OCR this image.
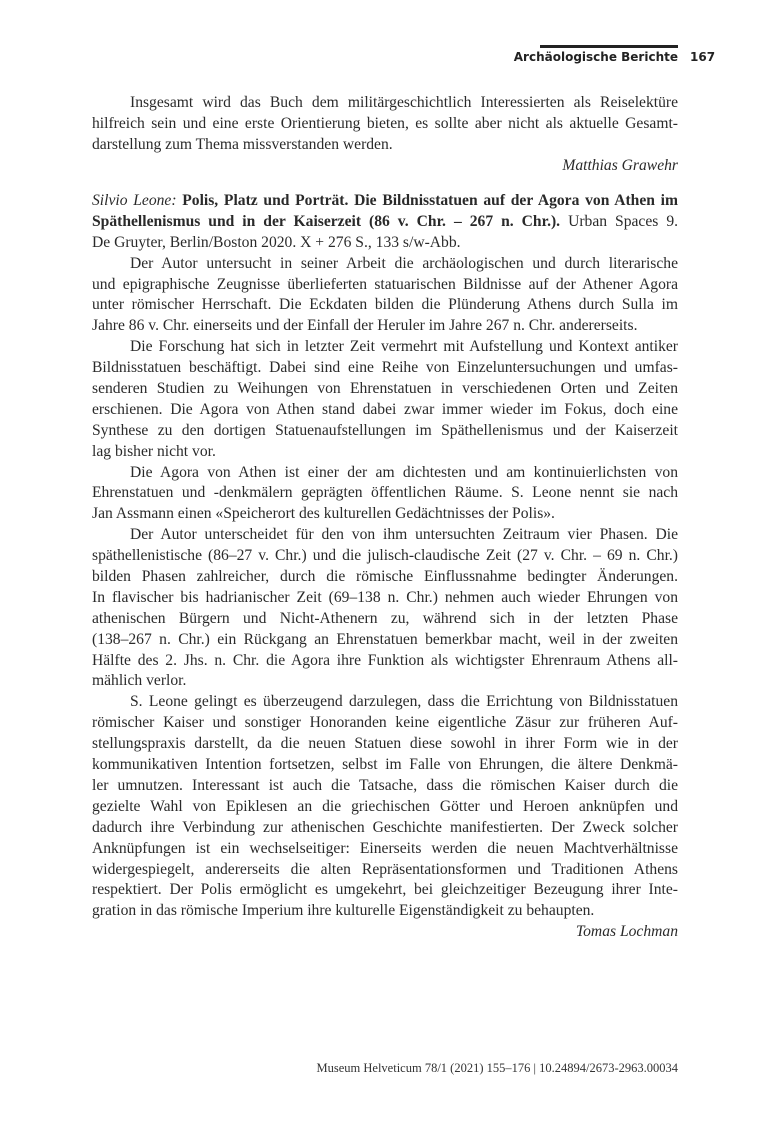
Archäologische Berichte 167
Insgesamt wird das Buch dem militärgeschichtlich Interessierten als Reiselektüre
hilfreich sein und eine erste Orientierung bieten, es sollte aber nicht als aktuelle Gesamt-
darstellung zum Thema missverstanden werden.
Matthias Grawehr
Silvio Leone: Polis, Platz und Porträt. Die Bildnisstatuen auf der Agora von Athen im
Späthellenismus und in der Kaiserzeit (86 v. Chr. – 267 n. Chr.). Urban Spaces 9.
De Gruyter, Berlin/Boston 2020. X + 276 S., 133 s/w-Abb.
Der Autor untersucht in seiner Arbeit die archäologischen und durch literarische
und epigraphische Zeugnisse überlieferten statuarischen Bildnisse auf der Athener Agora
unter römischer Herrschaft. Die Eckdaten bilden die Plünderung Athens durch Sulla im
Jahre 86 v. Chr. einerseits und der Einfall der Heruler im Jahre 267 n. Chr. andererseits.
Die Forschung hat sich in letzter Zeit vermehrt mit Aufstellung und Kontext antiker
Bildnisstatuen beschäftigt. Dabei sind eine Reihe von Einzeluntersuchungen und umfas-
senderen Studien zu Weihungen von Ehrenstatuen in verschiedenen Orten und Zeiten
erschienen. Die Agora von Athen stand dabei zwar immer wieder im Fokus, doch eine
Synthese zu den dortigen Statuenaufstellungen im Späthellenismus und der Kaiserzeit
lag bisher nicht vor.
Die Agora von Athen ist einer der am dichtesten und am kontinuierlichsten von
Ehrenstatuen und -denkmälern geprägten öffentlichen Räume. S. Leone nennt sie nach
Jan Assmann einen «Speicherort des kulturellen Gedächtnisses der Polis».
Der Autor unterscheidet für den von ihm untersuchten Zeitraum vier Phasen. Die
späthellenistische (86–27 v. Chr.) und die julisch-claudische Zeit (27 v. Chr. – 69 n. Chr.)
bilden Phasen zahlreicher, durch die römische Einflussnahme bedingter Änderungen.
In flavischer bis hadrianischer Zeit (69–138 n. Chr.) nehmen auch wieder Ehrungen von
athenischen Bürgern und Nicht-Athenern zu, während sich in der letzten Phase
(138–267 n. Chr.) ein Rückgang an Ehrenstatuen bemerkbar macht, weil in der zweiten
Hälfte des 2. Jhs. n. Chr. die Agora ihre Funktion als wichtigster Ehrenraum Athens all-
mählich verlor.
S. Leone gelingt es überzeugend darzulegen, dass die Errichtung von Bildnisstatuen
römischer Kaiser und sonstiger Honoranden keine eigentliche Zäsur zur früheren Auf-
stellungspraxis darstellt, da die neuen Statuen diese sowohl in ihrer Form wie in der
kommunikativen Intention fortsetzen, selbst im Falle von Ehrungen, die ältere Denkmä-
ler umnutzen. Interessant ist auch die Tatsache, dass die römischen Kaiser durch die
gezielte Wahl von Epiklesen an die griechischen Götter und Heroen anknüpfen und
dadurch ihre Verbindung zur athenischen Geschichte manifestierten. Der Zweck solcher
Anknüpfungen ist ein wechselseitiger: Einerseits werden die neuen Machtverhältnisse
widergespiegelt, andererseits die alten Repräsentationsformen und Traditionen Athens
respektiert. Der Polis ermöglicht es umgekehrt, bei gleichzeitiger Bezeugung ihrer Inte-
gration in das römische Imperium ihre kulturelle Eigenständigkeit zu behaupten.
Tomas Lochman
Museum Helveticum 78/1 (2021) 155–176 | 10.24894/2673-2963.00034
